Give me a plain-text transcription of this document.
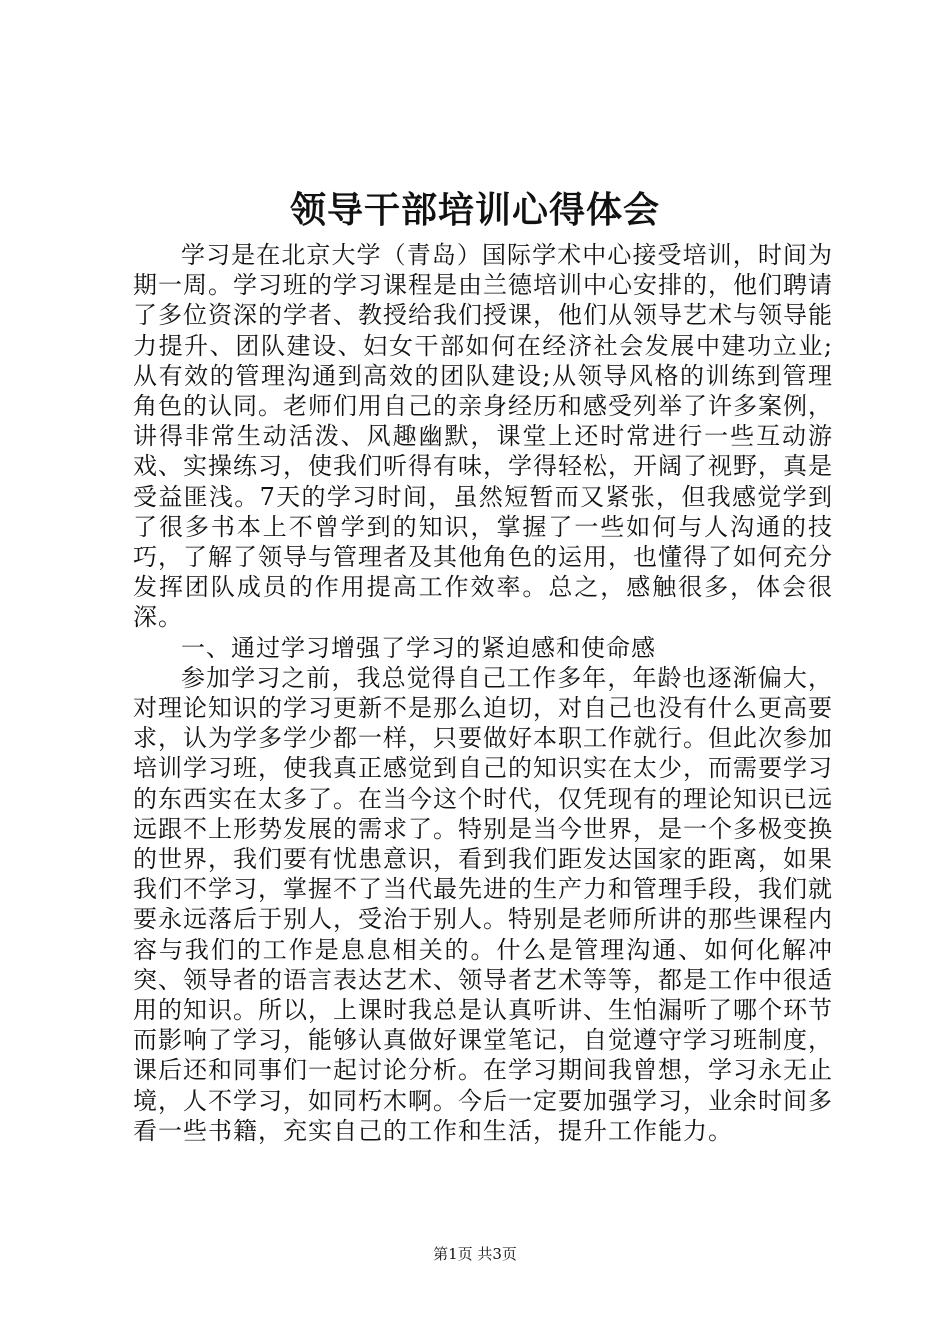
领导干部培训心得体会

学习是在北京大学（青岛）国际学术中心接受培训，时间为期一周。学习班的学习课程是由兰德培训中心安排的，他们聘请了多位资深的学者、教授给我们授课，他们从领导艺术与领导能力提升、团队建设、妇女干部如何在经济社会发展中建功立业;从有效的管理沟通到高效的团队建设;从领导风格的训练到管理角色的认同。老师们用自己的亲身经历和感受列举了许多案例，讲得非常生动活泼、风趣幽默，课堂上还时常进行一些互动游戏、实操练习，使我们听得有味，学得轻松，开阔了视野，真是受益匪浅。7天的学习时间，虽然短暂而又紧张，但我感觉学到了很多书本上不曾学到的知识，掌握了一些如何与人沟通的技巧，了解了领导与管理者及其他角色的运用，也懂得了如何充分发挥团队成员的作用提高工作效率。总之，感触很多，体会很深。

一、通过学习增强了学习的紧迫感和使命感

参加学习之前，我总觉得自己工作多年，年龄也逐渐偏大，对理论知识的学习更新不是那么迫切，对自己也没有什么更高要求，认为学多学少都一样，只要做好本职工作就行。但此次参加培训学习班，使我真正感觉到自己的知识实在太少，而需要学习的东西实在太多了。在当今这个时代，仅凭现有的理论知识已远远跟不上形势发展的需求了。特别是当今世界，是一个多极变换的世界，我们要有忧患意识，看到我们距发达国家的距离，如果我们不学习，掌握不了当代最先进的生产力和管理手段，我们就要永远落后于别人，受治于别人。特别是老师所讲的那些课程内容与我们的工作是息息相关的。什么是管理沟通、如何化解冲突、领导者的语言表达艺术、领导者艺术等等，都是工作中很适用的知识。所以，上课时我总是认真听讲、生怕漏听了哪个环节而影响了学习，能够认真做好课堂笔记，自觉遵守学习班制度，课后还和同事们一起讨论分析。在学习期间我曾想，学习永无止境，人不学习，如同朽木啊。今后一定要加强学习，业余时间多看一些书籍，充实自己的工作和生活，提升工作能力。

第1页 共3页
